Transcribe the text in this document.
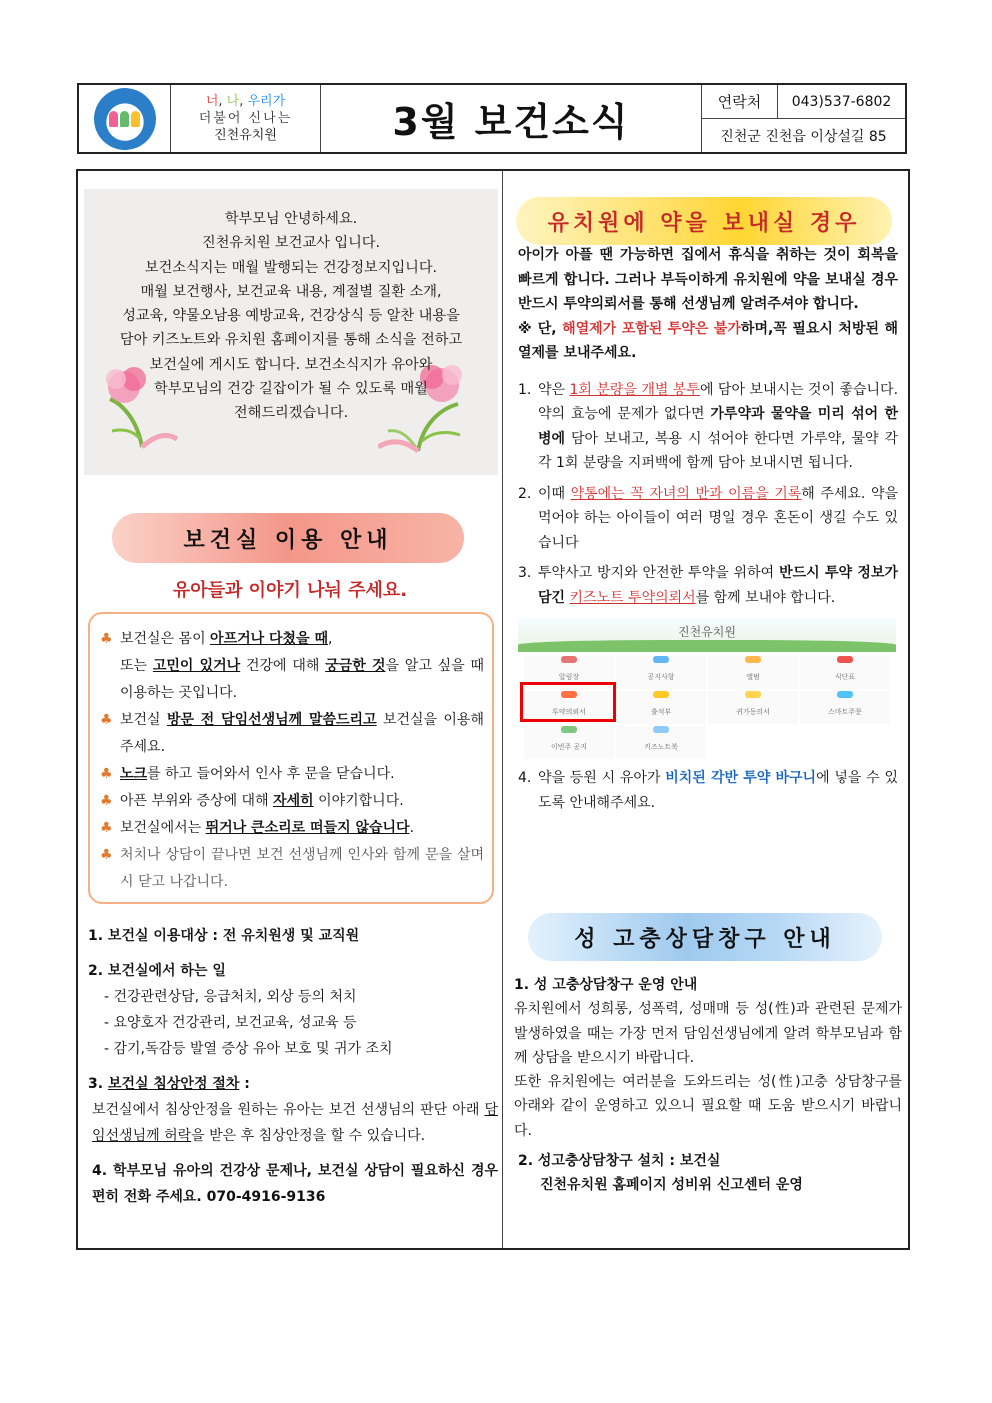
너, 나, 우리가
더불어 신나는
진천유치원	3월 보건소식	연락처	043)537-6802
진천군 진천읍 이상설길 85
학부모님 안녕하세요.
진천유치원 보건교사 입니다.
보건소식지는 매월 발행되는 건강정보지입니다.
매월 보건행사, 보건교육 내용, 계절별 질환 소개,
성교육, 약물오남용 예방교육, 건강상식 등 알찬 내용을
담아 키즈노트와 유치원 홈페이지를 통해 소식을 전하고
보건실에 게시도 합니다. 보건소식지가 유아와
학부모님의 건강 길잡이가 될 수 있도록 매월
전해드리겠습니다.
보건실 이용 안내
유아들과 이야기 나눠 주세요.
♣ 보건실은 몸이 아프거나 다쳤을 때,
또는 고민이 있거나 건강에 대해 궁금한 것을 알고 싶을 때 이용하는 곳입니다.
♣ 보건실 방문 전 담임선생님께 말씀드리고 보건실을 이용해주세요.
♣ 노크를 하고 들어와서 인사 후 문을 닫습니다.
♣ 아픈 부위와 증상에 대해 자세히 이야기합니다.
♣ 보건실에서는 뛰거나 큰소리로 떠들지 않습니다.
♣ 처치나 상담이 끝나면 보건 선생님께 인사와 함께 문을 살며시 닫고 나갑니다.
1. 보건실 이용대상 : 전 유치원생 및 교직원
2. 보건실에서 하는 일
- 건강관련상담, 응급처치, 외상 등의 처치
- 요양호자 건강관리, 보건교육, 성교육 등
- 감기,독감등 발열 증상 유아 보호 및 귀가 조치
3. 보건실 침상안정 절차 :
보건실에서 침상안정을 원하는 유아는 보건 선생님의 판단 아래 담임선생님께 허락을 받은 후 침상안정을 할 수 있습니다.
4. 학부모님 유아의 건강상 문제나, 보건실 상담이 필요하신 경우 편히 전화 주세요. 070-4916-9136
유치원에 약을 보내실 경우
아이가 아플 땐 가능하면 집에서 휴식을 취하는 것이 회복을 빠르게 합니다. 그러나 부득이하게 유치원에 약을 보내실 경우 반드시 투약의뢰서를 통해 선생님께 알려주셔야 합니다.
※ 단, 해열제가 포함된 투약은 불가하며,꼭 필요시 처방된 해열제를 보내주세요.
1. 약은 1회 분량을 개별 봉투에 담아 보내시는 것이 좋습니다. 약의 효능에 문제가 없다면 가루약과 물약을 미리 섞어 한 병에 담아 보내고, 복용 시 섞어야 한다면 가루약, 물약 각각 1회 분량을 지퍼백에 함께 담아 보내시면 됩니다.
2. 이때 약통에는 꼭 자녀의 반과 이름을 기록해 주세요. 약을 먹어야 하는 아이들이 여러 명일 경우 혼돈이 생길 수도 있습니다
3. 투약사고 방지와 안전한 투약을 위하여 반드시 투약 정보가 담긴 키즈노트 투약의뢰서를 함께 보내야 합니다.
진천유치원
알림장	공지사항	앨범	식단표
투약의뢰서	출석부	귀가동의서	스마트주문
이번주 공지	키즈노트북
4. 약을 등원 시 유아가 비치된 각반 투약 바구니에 넣을 수 있도록 안내해주세요.
성 고충상담창구 안내
1. 성 고충상담창구 운영 안내
유치원에서 성희롱, 성폭력, 성매매 등 성(性)과 관련된 문제가 발생하였을 때는 가장 먼저 담임선생님에게 알려 학부모님과 함께 상담을 받으시기 바랍니다.
또한 유치원에는 여러분을 도와드리는 성(性)고충 상담창구를 아래와 같이 운영하고 있으니 필요할 때 도움 받으시기 바랍니다.
2. 성고충상담창구 설치 : 보건실
진천유치원 홈페이지 성비위 신고센터 운영
